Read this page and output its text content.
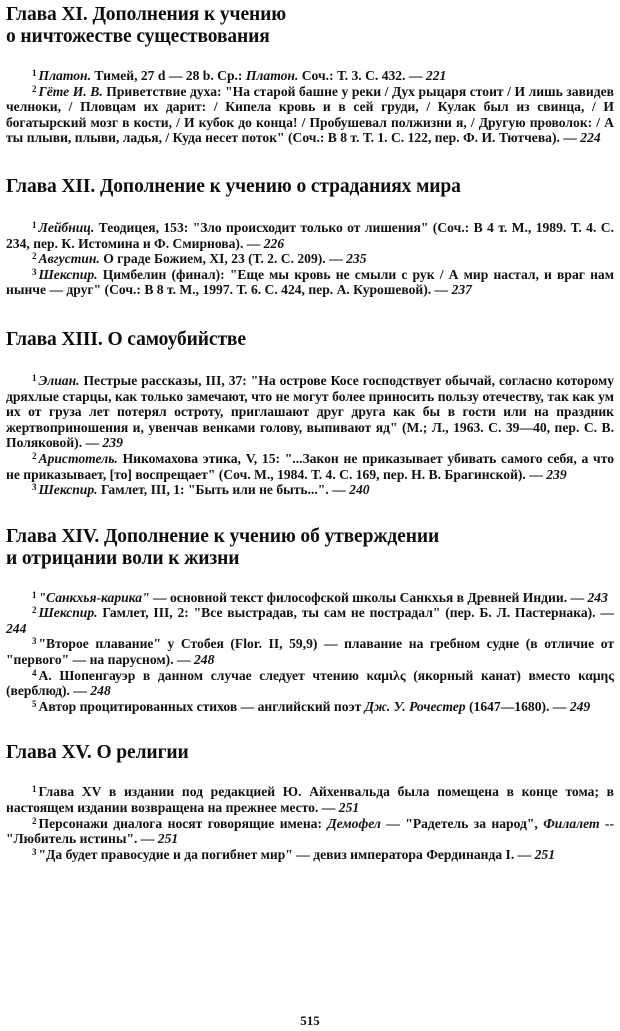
Глава XI. Дополнения к учению
о ничтожестве существования

$^1$ Платон. Тимей, 27 d — 28 b. Ср.: Платон. Соч.: Т. 3. С. 432. — 221

$^2$ Гёте И. В. Приветствие духа: "На старой башне у реки / Дух рыцаря стоит / И лишь завидев челноки, / Пловцам их дарит: / Кипела кровь и в сей груди, / Кулак был из свинца, / И богатырский мозг в кости, / И кубок до конца! / Пробушевал полжизни я, / Другую проволок: / А ты плыви, плыви, ладья, / Куда несет поток" (Соч.: В 8 т. Т. 1. С. 122, пер. Ф. И. Тютчева). — 224

Глава XII. Дополнение к учению о страданиях мира

$^1$ Лейбниц. Теодицея, 153: "Зло происходит только от лишения" (Соч.: В 4 т. М., 1989. Т. 4. С. 234, пер. К. Истомина и Ф. Смирнова). — 226

$^2$ Августин. О граде Божием, XI, 23 (Т. 2. С. 209). — 235

$^3$ Шекспир. Цимбелин (финал): "Еще мы кровь не смыли с рук / А мир настал, и враг нам нынче — друг" (Соч.: В 8 т. М., 1997. Т. 6. С. 424, пер. А. Курошевой). — 237

Глава XIII. О самоубийстве

$^1$ Элиан. Пестрые рассказы, III, 37: "На острове Косе господствует обычай, согласно которому дряхлые старцы, как только замечают, что не могут более приносить пользу отечеству, так как ум их от груза лет потерял остроту, приглашают друг друга как бы в гости или на праздник жертвоприношения и, увенчав венками голову, выпивают яд" (М.; Л., 1963. С. 39—40, пер. С. В. Поляковой). — 239

$^2$ Аристотель. Никомахова этика, V, 15: "...Закон не приказывает убивать самого себя, а что не приказывает, [то] воспрещает" (Соч. М., 1984. Т. 4. С. 169, пер. Н. В. Брагинской). — 239

$^3$ Шекспир. Гамлет, III, 1: "Быть или не быть...". — 240

Глава XIV. Дополнение к учению об утверждении
и отрицании воли к жизни

$^1$ "Санкхья-карика" — основной текст философской школы Санкхья в Древней Индии. — 243

$^2$ Шекспир. Гамлет, III, 2: "Все выстрадав, ты сам не пострадал" (пер. Б. Л. Пастернака). — 244

$^3$ "Второе плавание" у Стобея (Flor. II, 59,9) — плавание на гребном судне (в отличие от "первого" — на парусном). — 248

$^4$ А. Шопенгауэр в данном случае следует чтению καμιλς (якорный канат) вместо καμης (верблюд). — 248

$^5$ Автор процитированных стихов — английский поэт Дж. У. Рочестер (1647—1680). — 249

Глава XV. О религии

$^1$ Глава XV в издании под редакцией Ю. Айхенвальда была помещена в конце тома; в настоящем издании возвращена на прежнее место. — 251

$^2$ Персонажи диалога носят говорящие имена: Демофел — "Радетель за народ", Филалет -- "Любитель истины". — 251

$^3$ "Да будет правосудие и да погибнет мир" — девиз императора Фердинанда I. — 251

515
